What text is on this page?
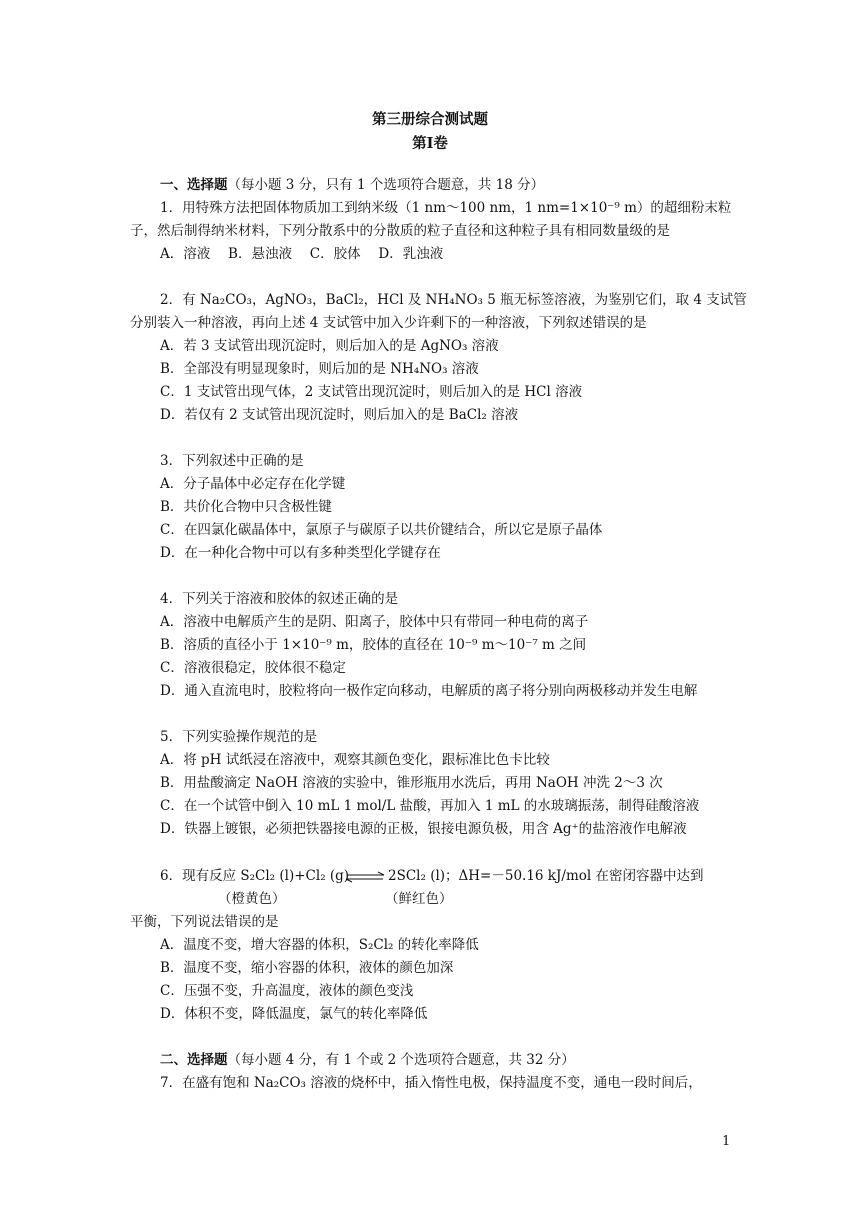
第三册综合测试题
第Ⅰ卷
一、选择题（每小题 3 分，只有 1 个选项符合题意，共 18 分）
1．用特殊方法把固体物质加工到纳米级（1 nm～100 nm，1 nm=1×10⁻⁹ m）的超细粉末粒
子，然后制得纳米材料，下列分散系中的分散质的粒子直径和这种粒子具有相同数量级的是
A．溶液　 B．悬浊液　 C．胶体　 D．乳浊液
2．有 Na₂CO₃，AgNO₃，BaCl₂，HCl 及 NH₄NO₃ 5 瓶无标签溶液，为鉴别它们，取 4 支试管
分别装入一种溶液，再向上述 4 支试管中加入少许剩下的一种溶液，下列叙述错误的是
A．若 3 支试管出现沉淀时，则后加入的是 AgNO₃ 溶液
B．全部没有明显现象时，则后加的是 NH₄NO₃ 溶液
C．1 支试管出现气体，2 支试管出现沉淀时，则后加入的是 HCl 溶液
D．若仅有 2 支试管出现沉淀时，则后加入的是 BaCl₂ 溶液
3．下列叙述中正确的是
A．分子晶体中必定存在化学键
B．共价化合物中只含极性键
C．在四氯化碳晶体中，氯原子与碳原子以共价键结合，所以它是原子晶体
D．在一种化合物中可以有多种类型化学键存在
4．下列关于溶液和胶体的叙述正确的是
A．溶液中电解质产生的是阴、阳离子，胶体中只有带同一种电荷的离子
B．溶质的直径小于 1×10⁻⁹ m，胶体的直径在 10⁻⁹ m～10⁻⁷ m 之间
C．溶液很稳定，胶体很不稳定
D．通入直流电时，胶粒将向一极作定向移动，电解质的离子将分别向两极移动并发生电解
5．下列实验操作规范的是
A．将 pH 试纸浸在溶液中，观察其颜色变化，跟标准比色卡比较
B．用盐酸滴定 NaOH 溶液的实验中，锥形瓶用水洗后，再用 NaOH 冲洗 2～3 次
C．在一个试管中倒入 10 mL 1 mol/L 盐酸，再加入 1 mL 的水玻璃振荡，制得硅酸溶液
D．铁器上镀银，必须把铁器接电源的正极，银接电源负极，用含 Ag⁺的盐溶液作电解液
6．现有反应 S₂Cl₂ (l)+Cl₂ (g) ⇌ 2SCl₂ (l)；ΔH=－50.16 kJ/mol 在密闭容器中达到
（橙黄色）	（鲜红色）
平衡，下列说法错误的是
A．温度不变，增大容器的体积，S₂Cl₂ 的转化率降低
B．温度不变，缩小容器的体积，液体的颜色加深
C．压强不变，升高温度，液体的颜色变浅
D．体积不变，降低温度，氯气的转化率降低
二、选择题（每小题 4 分，有 1 个或 2 个选项符合题意，共 32 分）
7．在盛有饱和 Na₂CO₃ 溶液的烧杯中，插入惰性电极，保持温度不变，通电一段时间后，
1
